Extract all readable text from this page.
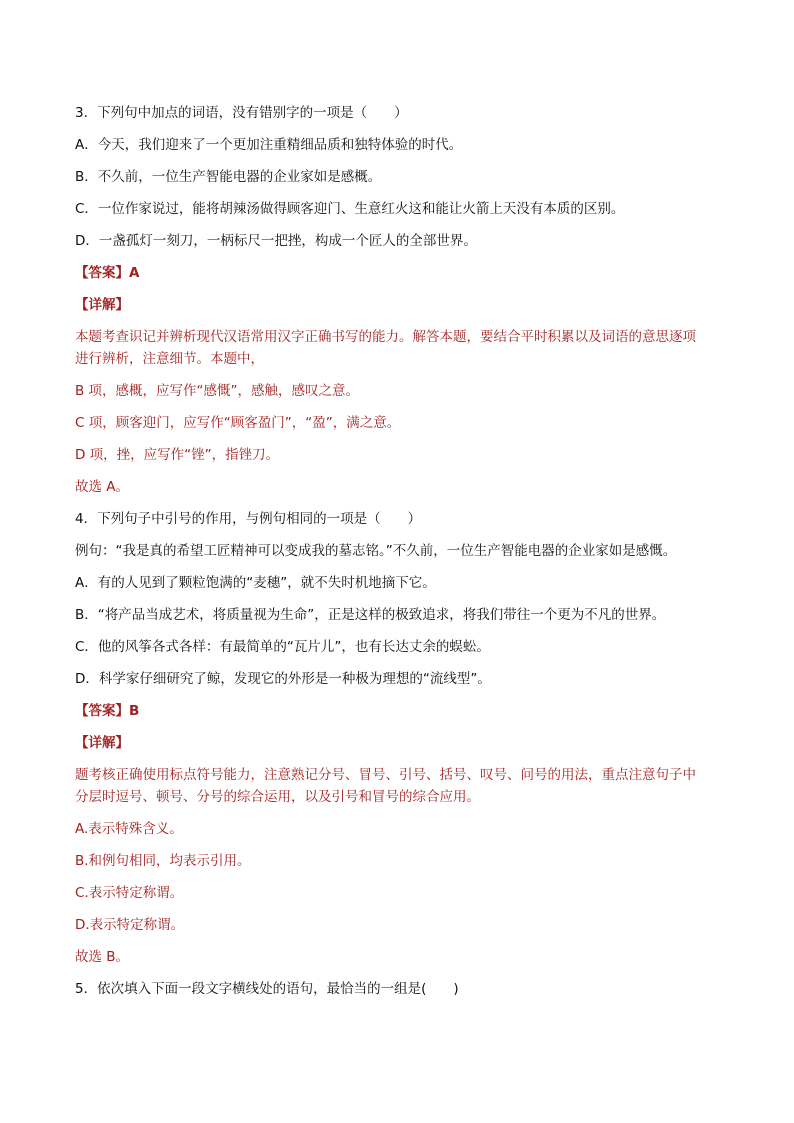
3．下列句中加点的词语，没有错别字的一项是（　　）
A．今天，我们迎来了一个更加注重精细品质和独特体验的时代。
B．不久前，一位生产智能电器的企业家如是感概。
C．一位作家说过，能将胡辣汤做得顾客迎门、生意红火这和能让火箭上天没有本质的区别。
D．一盏孤灯一刻刀，一柄标尺一把挫，构成一个匠人的全部世界。
【答案】A
【详解】
本题考查识记并辨析现代汉语常用汉字正确书写的能力。解答本题，要结合平时积累以及词语的意思逐项
进行辨析，注意细节。本题中，
B 项，感概，应写作“感慨”，感触，感叹之意。
C 项，顾客迎门，应写作“顾客盈门”，“盈”，满之意。
D 项，挫，应写作“锉”，指锉刀。
故选 A。
4．下列句子中引号的作用，与例句相同的一项是（　　）
例句：“我是真的希望工匠精神可以变成我的墓志铭。”不久前，一位生产智能电器的企业家如是感慨。
A．有的人见到了颗粒饱满的“麦穗”，就不失时机地摘下它。
B．“将产品当成艺术，将质量视为生命”，正是这样的极致追求，将我们带往一个更为不凡的世界。
C．他的风筝各式各样：有最简单的“瓦片儿”，也有长达丈余的蜈蚣。
D．科学家仔细研究了鲸，发现它的外形是一种极为理想的“流线型”。
【答案】B
【详解】
题考核正确使用标点符号能力，注意熟记分号、冒号、引号、括号、叹号、问号的用法，重点注意句子中
分层时逗号、顿号、分号的综合运用，以及引号和冒号的综合应用。
A.表示特殊含义。
B.和例句相同，均表示引用。
C.表示特定称谓。
D.表示特定称谓。
故选 B。
5．依次填入下面一段文字横线处的语句，最恰当的一组是(　　)
